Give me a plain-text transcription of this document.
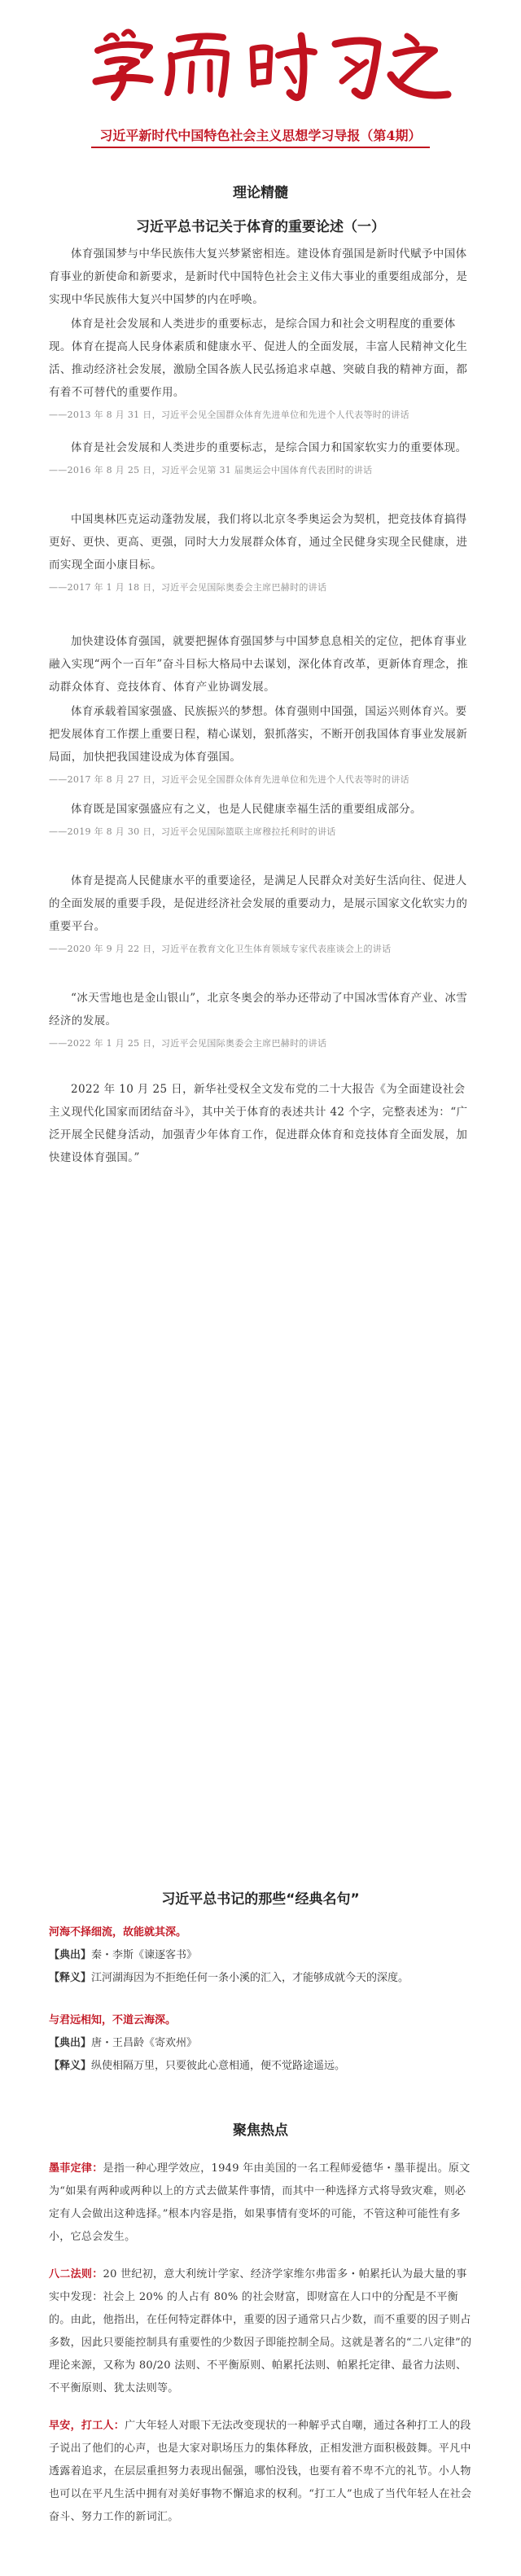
习近平新时代中国特色社会主义思想学习导报（第4期）
理论精髓
习近平总书记关于体育的重要论述（一）

体育强国梦与中华民族伟大复兴梦紧密相连。建设体育强国是新时代赋予中国体育事业的新使命和新要求，是新时代中国特色社会主义伟大事业的重要组成部分，是实现中华民族伟大复兴中国梦的内在呼唤。

体育是社会发展和人类进步的重要标志，是综合国力和社会文明程度的重要体现。体育在提高人民身体素质和健康水平、促进人的全面发展，丰富人民精神文化生活、推动经济社会发展，激励全国各族人民弘扬追求卓越、突破自我的精神方面，都有着不可替代的重要作用。

——2013 年 8 月 31 日，习近平会见全国群众体育先进单位和先进个人代表等时的讲话

体育是社会发展和人类进步的重要标志，是综合国力和国家软实力的重要体现。

——2016 年 8 月 25 日，习近平会见第 31 届奥运会中国体育代表团时的讲话

中国奥林匹克运动蓬勃发展，我们将以北京冬季奥运会为契机，把竞技体育搞得更好、更快、更高、更强，同时大力发展群众体育，通过全民健身实现全民健康，进而实现全面小康目标。

——2017 年 1 月 18 日，习近平会见国际奥委会主席巴赫时的讲话

加快建设体育强国，就要把握体育强国梦与中国梦息息相关的定位，把体育事业融入实现“两个一百年”奋斗目标大格局中去谋划，深化体育改革，更新体育理念，推动群众体育、竞技体育、体育产业协调发展。

体育承载着国家强盛、民族振兴的梦想。体育强则中国强，国运兴则体育兴。要把发展体育工作摆上重要日程，精心谋划，狠抓落实，不断开创我国体育事业发展新局面，加快把我国建设成为体育强国。

——2017 年 8 月 27 日，习近平会见全国群众体育先进单位和先进个人代表等时的讲话

体育既是国家强盛应有之义，也是人民健康幸福生活的重要组成部分。

——2019 年 8 月 30 日，习近平会见国际篮联主席穆拉托利时的讲话

体育是提高人民健康水平的重要途径，是满足人民群众对美好生活向往、促进人的全面发展的重要手段，是促进经济社会发展的重要动力，是展示国家文化软实力的重要平台。

——2020 年 9 月 22 日，习近平在教育文化卫生体育领域专家代表座谈会上的讲话

“冰天雪地也是金山银山”，北京冬奥会的举办还带动了中国冰雪体育产业、冰雪经济的发展。

——2022 年 1 月 25 日，习近平会见国际奥委会主席巴赫时的讲话

2022 年 10 月 25 日，新华社受权全文发布党的二十大报告《为全面建设社会主义现代化国家而团结奋斗》，其中关于体育的表述共计 42 个字，完整表述为：“广泛开展全民健身活动，加强青少年体育工作，促进群众体育和竞技体育全面发展，加快建设体育强国。”

习近平总书记的那些“经典名句”

河海不择细流，故能就其深。

【典出】秦・李斯《谏逐客书》

【释义】江河湖海因为不拒绝任何一条小溪的汇入，才能够成就今天的深度。

与君远相知，不道云海深。

【典出】唐・王昌龄《寄欢州》

【释义】纵使相隔万里，只要彼此心意相通，便不觉路途遥远。

聚焦热点

墨菲定律：是指一种心理学效应，1949 年由美国的一名工程师爱德华・墨菲提出。原文为“如果有两种或两种以上的方式去做某件事情，而其中一种选择方式将导致灾难，则必定有人会做出这种选择。”根本内容是指，如果事情有变坏的可能，不管这种可能性有多小，它总会发生。

八二法则：20 世纪初，意大利统计学家、经济学家维尔弗雷多・帕累托认为最大量的事实中发现：社会上 20% 的人占有 80% 的社会财富，即财富在人口中的分配是不平衡的。由此，他指出，在任何特定群体中，重要的因子通常只占少数，而不重要的因子则占多数，因此只要能控制具有重要性的少数因子即能控制全局。这就是著名的“二八定律”的理论来源，又称为 80/20 法则、不平衡原则、帕累托法则、帕累托定律、最省力法则、不平衡原则、犹太法则等。

早安，打工人：广大年轻人对眼下无法改变现状的一种解乎式自嘲，通过各种打工人的段子说出了他们的心声，也是大家对职场压力的集体释放，正相发泄方面积极鼓舞。平凡中透露着追求，在层层重担努力表现出倔强，哪怕没钱，也要有着不卑不亢的礼节。小人物也可以在平凡生活中拥有对美好事物不懈追求的权利。“打工人”也成了当代年轻人在社会奋斗、努力工作的新词汇。
